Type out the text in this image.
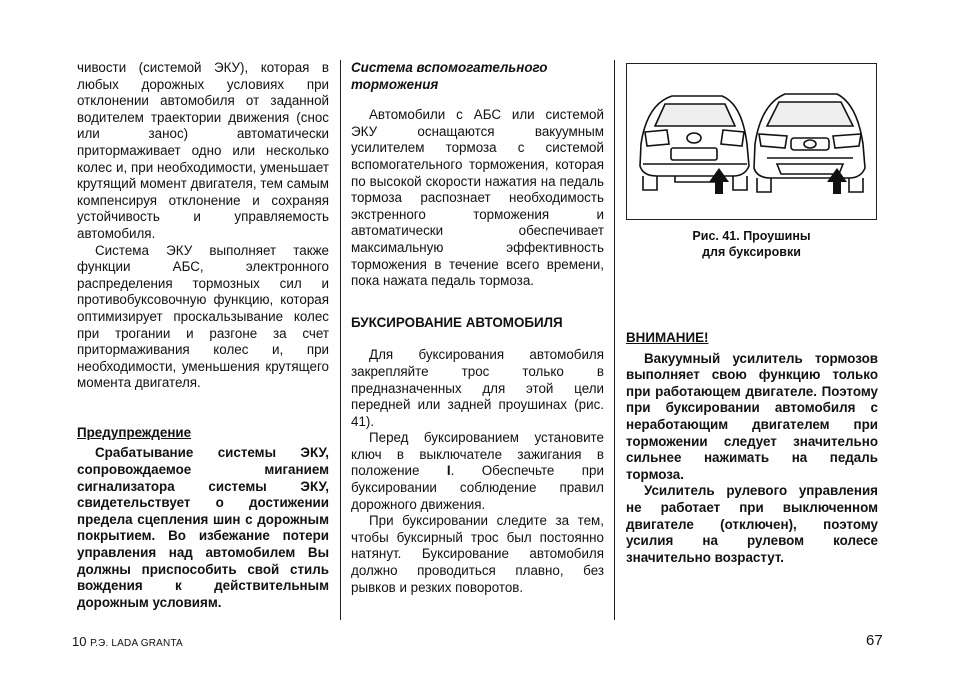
чивости (системой ЭКУ), которая в любых дорожных условиях при отклонении автомобиля от заданной водителем траектории движения (снос или занос) автоматически притормаживает одно или несколько колес и, при необходимости, уменьшает крутящий момент двигателя, тем самым компенсируя отклонение и сохраняя устойчивость и управляемость автомобиля.

Система ЭКУ выполняет также функции АБС, электронного распределения тормозных сил и противобуксовочную функцию, которая оптимизирует проскальзывание колес при трогании и разгоне за счет притормаживания колес и, при необходимости, уменьшения крутящего момента двигателя.

Предупреждение

Срабатывание системы ЭКУ, сопровождаемое миганием сигнализатора системы ЭКУ, свидетельствует о достижении предела сцепления шин с дорожным покрытием. Во избежание потери управления над автомобилем Вы должны приспособить свой стиль вождения к действительным дорожным условиям.

Система вспомогательного

торможения

Автомобили с АБС или системой ЭКУ оснащаются вакуумным усилителем тормоза с системой вспомогательного торможения, которая по высокой скорости нажатия на педаль тормоза распознает необходимость экстренного торможения и автоматически обеспечивает максимальную эффективность торможения в течение всего времени, пока нажата педаль тормоза.

БУКСИРОВАНИЕ АВТОМОБИЛЯ

Для буксирования автомобиля закрепляйте трос только в предназначенных для этой цели передней или задней проушинах (рис. 41).

Перед буксированием установите ключ в выключателе зажигания в положение I. Обеспечьте при буксировании соблюдение правил дорожного движения.

При буксировании следите за тем, чтобы буксирный трос был постоянно натянут. Буксирование автомобиля должно проводиться плавно, без рывков и резких поворотов.

Рис. 41. Проушины
для буксировки

ВНИМАНИЕ!

Вакуумный усилитель тормозов выполняет свою функцию только при работающем двигателе. Поэтому при буксировании автомобиля с неработающим двигателем при торможении следует значительно сильнее нажимать на педаль тормоза.

Усилитель рулевого управления не работает при выключенном двигателе (отключен), поэтому усилия на рулевом колесе значительно возрастут.

10 Р.Э. LADA GRANTA	67
